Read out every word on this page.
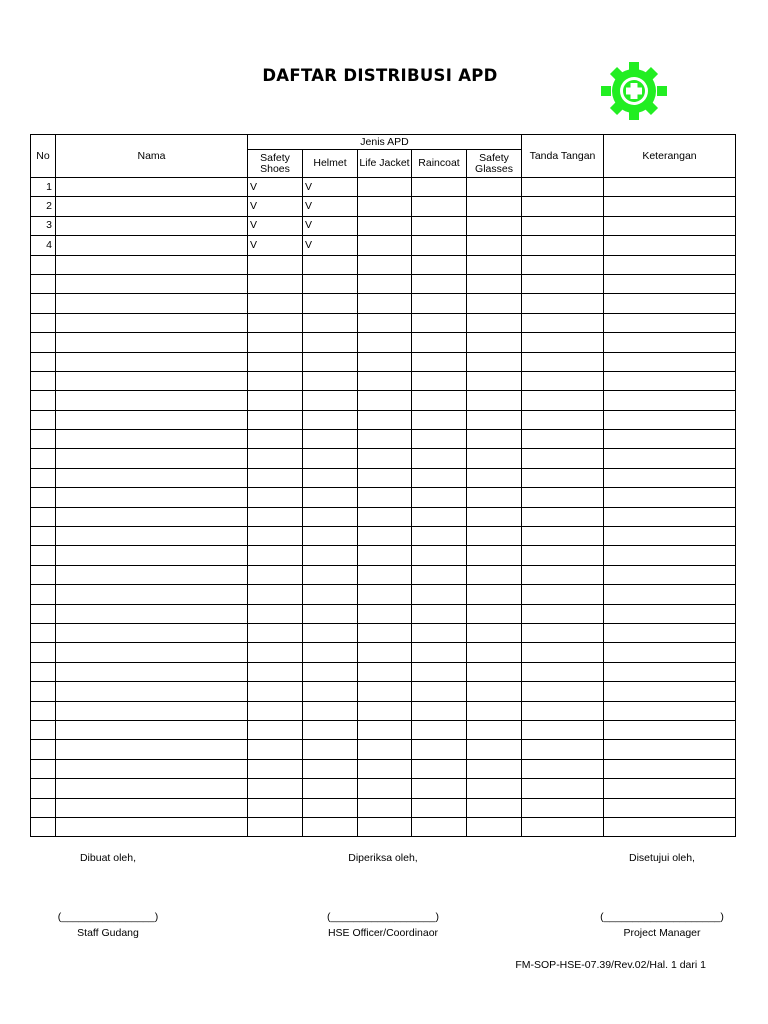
DAFTAR DISTRIBUSI APD
No	Nama	Jenis APD					Tanda Tangan	Keterangan
		Safety Shoes	Helmet	Life Jacket	Raincoat	Safety Glasses		
1		V	V					
2		V	V					
3		V	V					
4		V	V					

Dibuat oleh,
(________________)
Staff Gudang
Diperiksa oleh,
(__________________)
HSE Officer/Coordinaor
Disetujui oleh,
(____________________)
Project Manager
FM-SOP-HSE-07.39/Rev.02/Hal. 1 dari 1
